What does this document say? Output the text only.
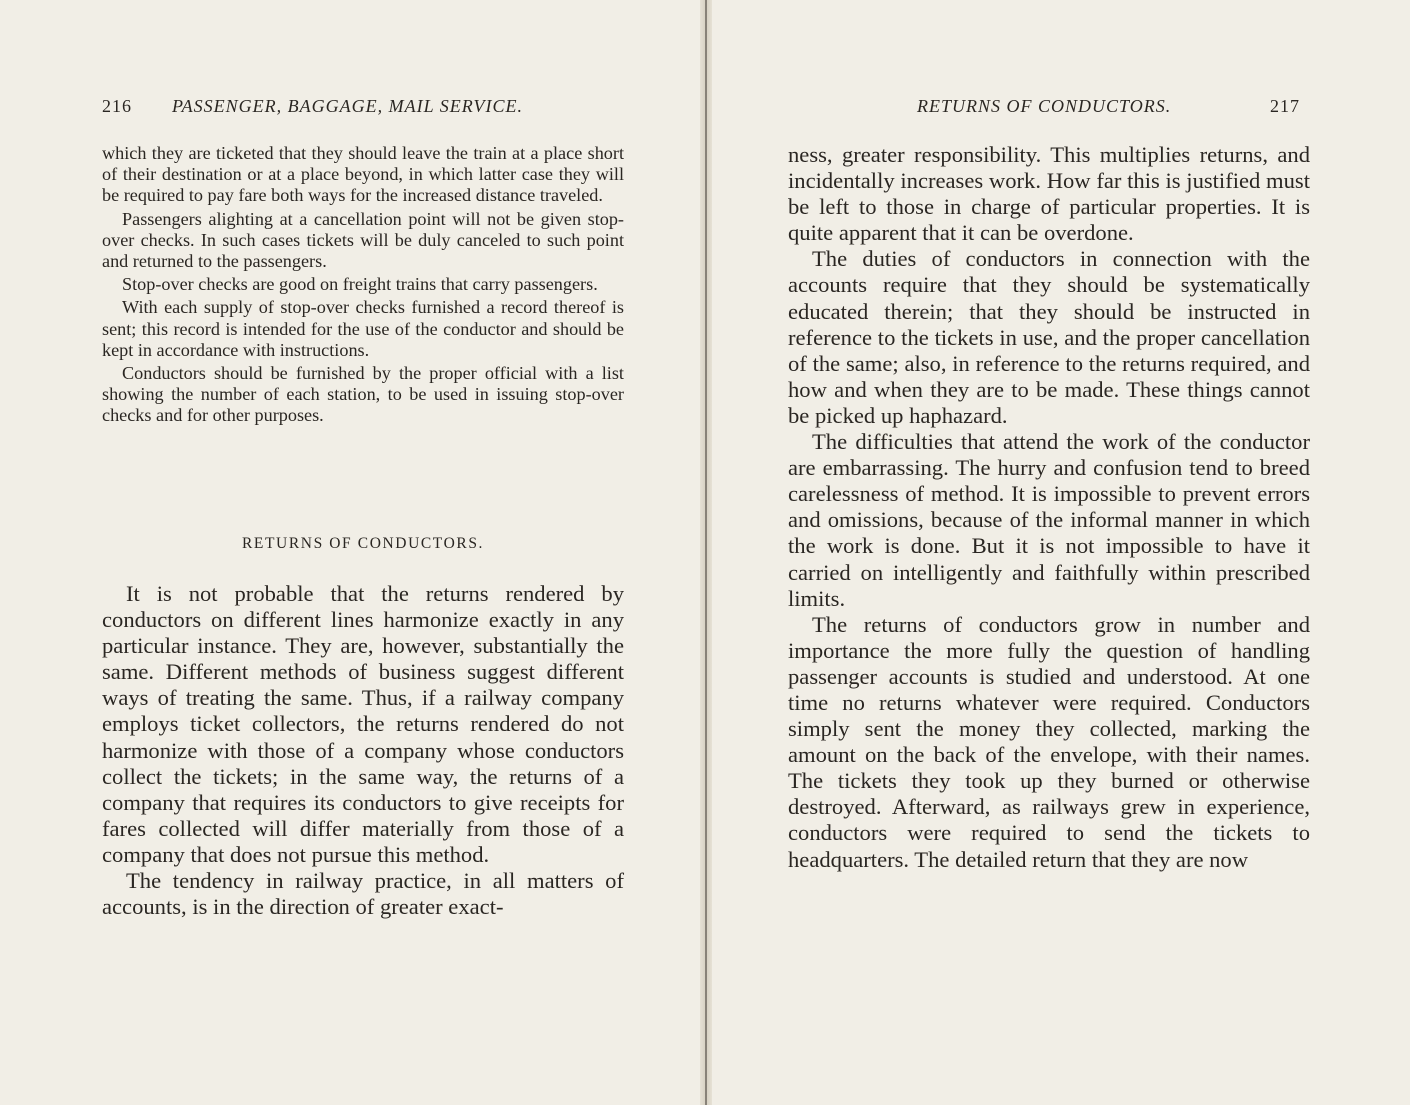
216 PASSENGER, BAGGAGE, MAIL SERVICE.

which they are ticketed that they should leave the train at a place short of their destination or at a place beyond, in which latter case they will be required to pay fare both ways for the increased distance traveled.

Passengers alighting at a cancellation point will not be given stop-over checks. In such cases tickets will be duly canceled to such point and returned to the passengers.

Stop-over checks are good on freight trains that carry passengers.

With each supply of stop-over checks furnished a record thereof is sent; this record is intended for the use of the conductor and should be kept in accordance with instructions.

Conductors should be furnished by the proper official with a list showing the number of each station, to be used in issuing stop-over checks and for other purposes.

RETURNS OF CONDUCTORS.

It is not probable that the returns rendered by conductors on different lines harmonize exactly in any particular instance. They are, however, substantially the same. Different methods of business suggest different ways of treating the same. Thus, if a railway company employs ticket collectors, the returns rendered do not harmonize with those of a company whose conductors collect the tickets; in the same way, the returns of a company that requires its conductors to give receipts for fares collected will differ materially from those of a company that does not pursue this method.

The tendency in railway practice, in all matters of accounts, is in the direction of greater exact-

RETURNS OF CONDUCTORS.	217

ness, greater responsibility. This multiplies returns, and incidentally increases work. How far this is justified must be left to those in charge of particular properties. It is quite apparent that it can be overdone.

The duties of conductors in connection with the accounts require that they should be systematically educated therein; that they should be instructed in reference to the tickets in use, and the proper cancellation of the same; also, in reference to the returns required, and how and when they are to be made. These things cannot be picked up haphazard.

The difficulties that attend the work of the conductor are embarrassing. The hurry and confusion tend to breed carelessness of method. It is impossible to prevent errors and omissions, because of the informal manner in which the work is done. But it is not impossible to have it carried on intelligently and faithfully within prescribed limits.

The returns of conductors grow in number and importance the more fully the question of handling passenger accounts is studied and understood. At one time no returns whatever were required. Conductors simply sent the money they collected, marking the amount on the back of the envelope, with their names. The tickets they took up they burned or otherwise destroyed. Afterward, as railways grew in experience, conductors were required to send the tickets to headquarters. The detailed return that they are now
